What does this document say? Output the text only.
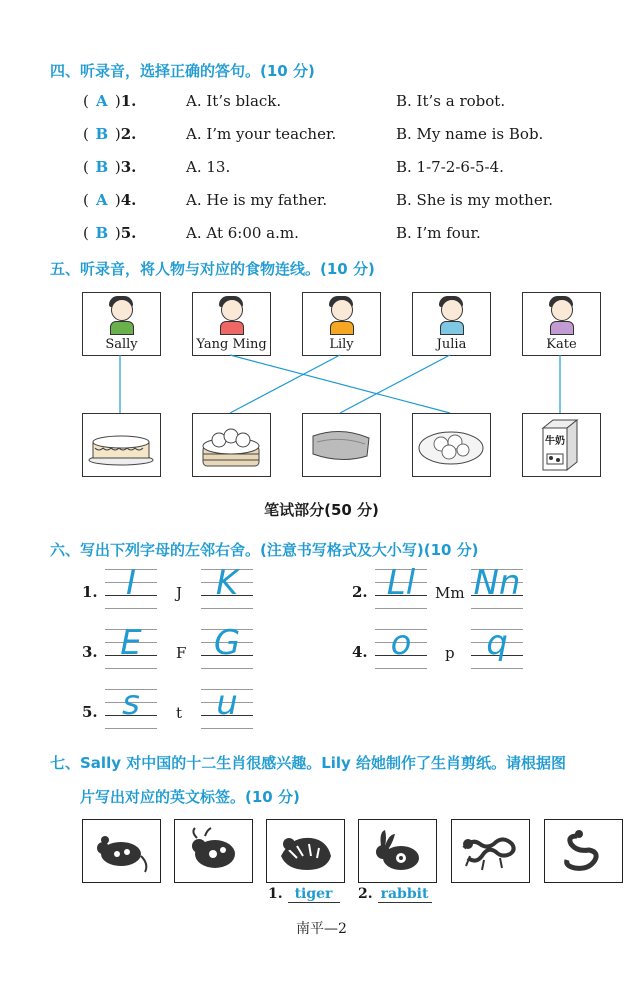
四、听录音，选择正确的答句。(10 分)
( A )1.	A. It’s black.	B. It’s a robot.
( B )2.	A. I’m your teacher.	B. My name is Bob.
( B )3.	A. 13.	B. 1-7-2-6-5-4.
( A )4.	A. He is my father.	B. She is my mother.
( B )5.	A. At 6:00 a.m.	B. I’m four.
五、听录音，将人物与对应的食物连线。(10 分)
Sally	Yang Ming	Lily	Julia	Kate
牛奶
笔试部分(50 分)
六、写出下列字母的左邻右舍。(注意书写格式及大小写)(10 分)
1. I	J K	2. Ll	Mm Nn
3. E	F G	4. o	p q
5. s	t	u
七、Sally 对中国的十二生肖很感兴趣。Lily 给她制作了生肖剪纸。请根据图
片写出对应的英文标签。(10 分)
1. tiger	2. rabbit
南平—2
